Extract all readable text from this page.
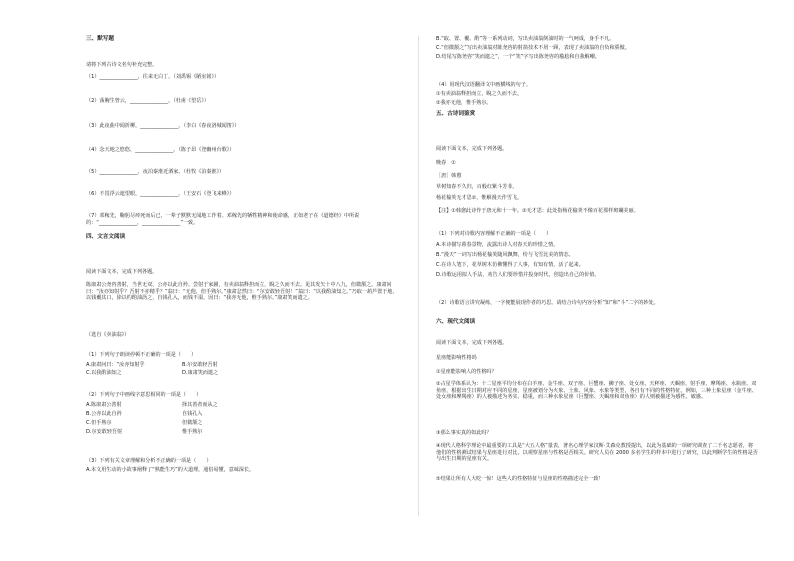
三、默写题
请将下列古诗文名句补充完整。
（1）_______________，往来无白丁。（刘禹锡《陋室铭》）
（2）荡胸生曾云，_______________。（杜甫《望岳》）
（3）此夜曲中闻折柳，_______________。（李白《春夜洛城闻笛》）
（4）念天地之悠悠，_______________。（陈子昂《登幽州台歌》）
（5）_______________，夜泊秦淮近酒家。（杜牧《泊秦淮》）
（6）不畏浮云遮望眼，_______________。（王安石《登飞来峰》）
（7）邓稼先，鞠躬尽瘁死而后已，一辈子默默无闻地工作着。邓稼先的牺牲精神和使命感，正如老子在《道德经》中所说的：“_______________，_______________”一致。
四、文言文阅读
阅读下面文本，完成下列各题。
陈康肃公尧咨善射，当世无双，公亦以此自矜。尝射于家圃，有卖油翁释担而立，睨之久而不去。见其发矢十中八九，但微颔之。康肃问曰：“汝亦知射乎？吾射不亦精乎？”翁曰：“无他，但手熟尔。”康肃忿然曰：“尔安敢轻吾射！”翁曰：“以我酌油知之。”乃取一葫芦置于地，以钱覆其口，徐以杓酌油沥之，自钱孔入，而钱不湿。因曰：“我亦无他，惟手熟尔。”康肃笑而遣之。
（选自《卖油翁》）
（1）下列句子朗读停顿不正确的一项是（　　）
A.康肃问曰：“汝亦知射乎	B.尔安敢轻吾射
C.以我酌油知之	D.康肃笑而遣之
（2）下列句子中画线字意思相同的一项是（　　）
A.陈康肃公善射	择其善者而从之
B.公亦以此自矜	自钱孔入
C.但手熟尔	但微颔之
D.尔安敢轻吾射	惟手熟尔
（3）下列有关文章理解和分析不正确的一项是（　　）
A.本文用生动的小故事阐释了“熟能生巧”的大道理，通俗易懂，意味深长。
B.“取、置、覆、酌”等一系列动词，写出卖油翁倒油时的一气呵成，身手不凡。
C.“但微颔之”写出卖油翁对陈尧咨的射箭技术不屑一顾，表现了卖油翁的自负和骄傲。
D.结尾写陈尧咨“笑而遣之”，一个“笑”字写出陈尧咨的尴尬和自我解嘲。
（4）用现代汉语翻译文中画横线的句子。
①有卖油翁释担而立，睨之久而不去。
②我亦无他，惟手熟尔。
五、古诗词鉴赏
阅读下面文本，完成下列各题。
晚春　①
［唐］韩愈
草树知春不久归，百般红紫斗芳菲。
杨花榆荚无才思②，惟解漫天作雪飞。
【注】①韩愈此诗作于唐元和十一年。②无才思：此处指杨花榆荚不像百花那样斑斓美丽。
（1）下列对诗歌内容理解不正确的一项是（　　）
A.本诗描写暮春景物，流露出诗人对春天的珍惜之情。
B.“漫天”一词写出杨花榆荚随风飘舞，纷与飞雪比美的情态。
C.在诗人笔下，花草树木仿佛懂得了人事，有知有情，活了起来。
D.诗歌运用拟人手法，劝告人们要珍惜并投身时代，创造出自己的价值。
（2）诗歌语言讲究凝练，一字便能展现作者的巧思。请结合诗句内容分析“知”和“斗”二字的妙处。
六、现代文阅读
阅读下面文本，完成下列各题。
星座能影响性格吗
①星座能影响人的性格吗？
②占星学体系认为：十二星座平均分布在白羊座、金牛座、双子座、巨蟹座、狮子座、处女座、天秤座、天蝎座、射手座、摩羯座、水瓶座、双鱼座，根据出生日期对应不同的星座，星座被划分为火象、土象、风象、水象等类型，各自有不同的性格特征。例如，三种土象星座（金牛座、处女座和摩羯座）的人被描述为务实、稳重，而三种水象星座（巨蟹座、天蝎座和双鱼座）的人则被描述为感性、敏感。
③那么事实真的如此吗？
④现代人格科学理论中最重要的工具是“大五人格”量表，著名心理学家汉斯·艾森克教授提出，以此为基础的一项研究调查了二千名志愿者，将他们的性格测试结果与星座进行对比，以观察星座与性格是否相关。研究人员在 2000 多名学生的样本中进行了研究，以此判断学生的性格是否与出生日期的星座有关。
⑤结果让所有人大吃一惊！这些人的性格特征与星座的性格描述完全一致！
